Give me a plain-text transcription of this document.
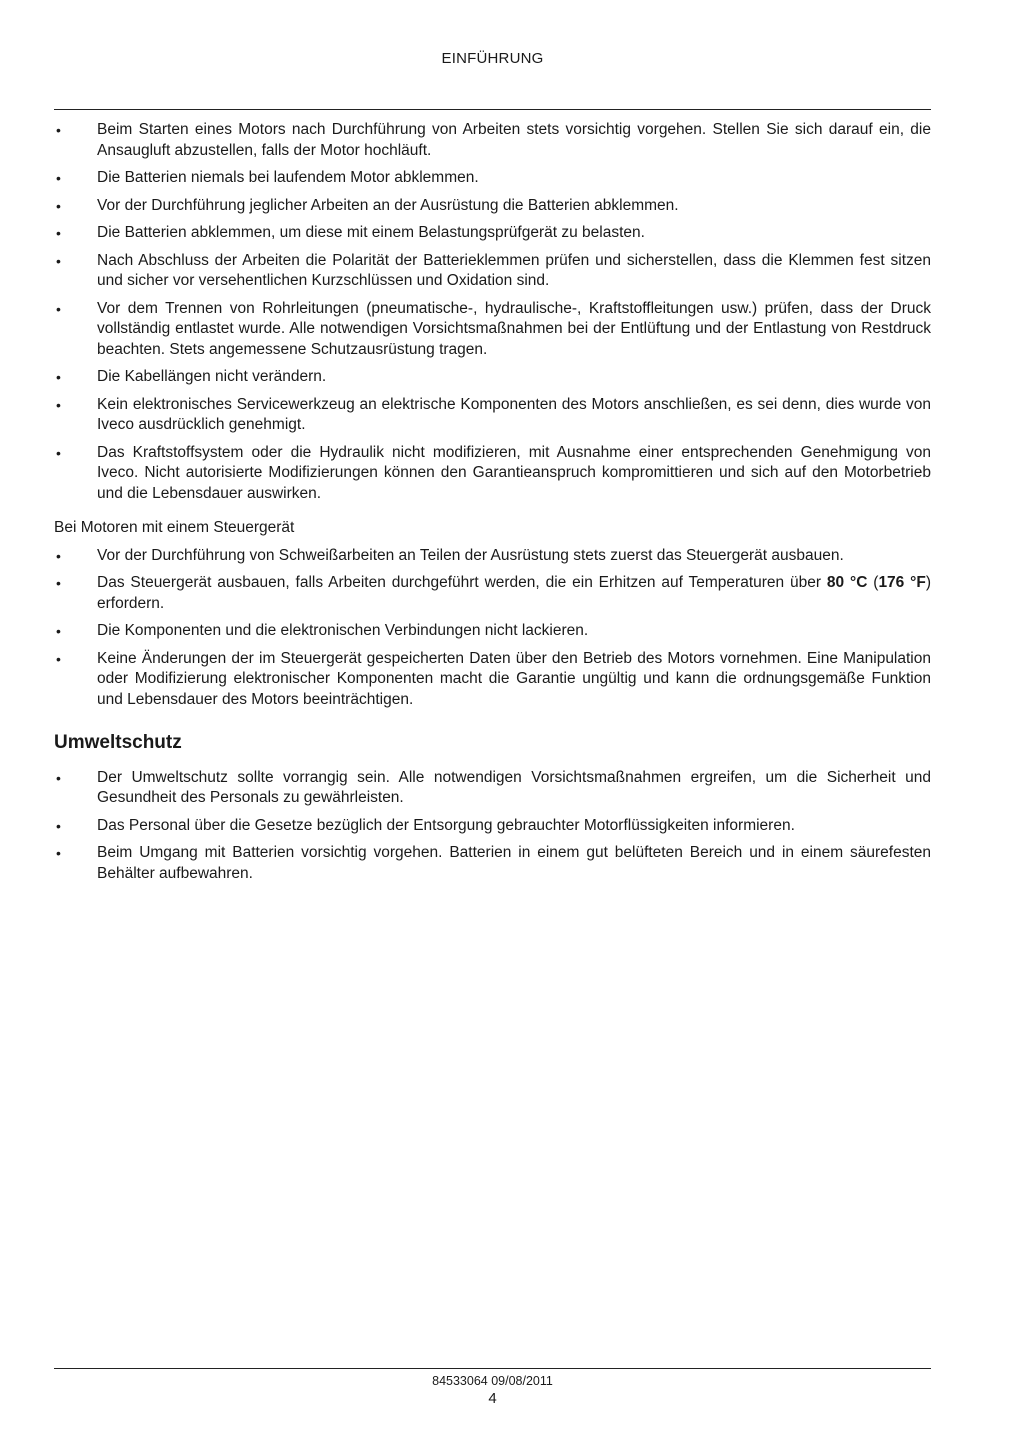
EINFÜHRUNG
• Beim Starten eines Motors nach Durchführung von Arbeiten stets vorsichtig vorgehen. Stellen Sie sich darauf ein, die Ansaugluft abzustellen, falls der Motor hochläuft.
• Die Batterien niemals bei laufendem Motor abklemmen.
• Vor der Durchführung jeglicher Arbeiten an der Ausrüstung die Batterien abklemmen.
• Die Batterien abklemmen, um diese mit einem Belastungsprüfgerät zu belasten.
• Nach Abschluss der Arbeiten die Polarität der Batterieklemmen prüfen und sicherstellen, dass die Klemmen fest sitzen und sicher vor versehentlichen Kurzschlüssen und Oxidation sind.
• Vor dem Trennen von Rohrleitungen (pneumatische-, hydraulische-, Kraftstoffleitungen usw.) prüfen, dass der Druck vollständig entlastet wurde. Alle notwendigen Vorsichtsmaßnahmen bei der Entlüftung und der Entlastung von Restdruck beachten. Stets angemessene Schutzausrüstung tragen.
• Die Kabellängen nicht verändern.
• Kein elektronisches Servicewerkzeug an elektrische Komponenten des Motors anschließen, es sei denn, dies wurde von Iveco ausdrücklich genehmigt.
• Das Kraftstoffsystem oder die Hydraulik nicht modifizieren, mit Ausnahme einer entsprechenden Genehmigung von Iveco. Nicht autorisierte Modifizierungen können den Garantieanspruch kompromittieren und sich auf den Motorbetrieb und die Lebensdauer auswirken.

Bei Motoren mit einem Steuergerät

• Vor der Durchführung von Schweißarbeiten an Teilen der Ausrüstung stets zuerst das Steuergerät ausbauen.
• Das Steuergerät ausbauen, falls Arbeiten durchgeführt werden, die ein Erhitzen auf Temperaturen über 80 °C (176 °F) erfordern.
• Die Komponenten und die elektronischen Verbindungen nicht lackieren.
• Keine Änderungen der im Steuergerät gespeicherten Daten über den Betrieb des Motors vornehmen. Eine Manipulation oder Modifizierung elektronischer Komponenten macht die Garantie ungültig und kann die ordnungsgemäße Funktion und Lebensdauer des Motors beeinträchtigen.
Umweltschutz
• Der Umweltschutz sollte vorrangig sein. Alle notwendigen Vorsichtsmaßnahmen ergreifen, um die Sicherheit und Gesundheit des Personals zu gewährleisten.
• Das Personal über die Gesetze bezüglich der Entsorgung gebrauchter Motorflüssigkeiten informieren.
• Beim Umgang mit Batterien vorsichtig vorgehen. Batterien in einem gut belüfteten Bereich und in einem säurefesten Behälter aufbewahren.
84533064 09/08/2011
4
